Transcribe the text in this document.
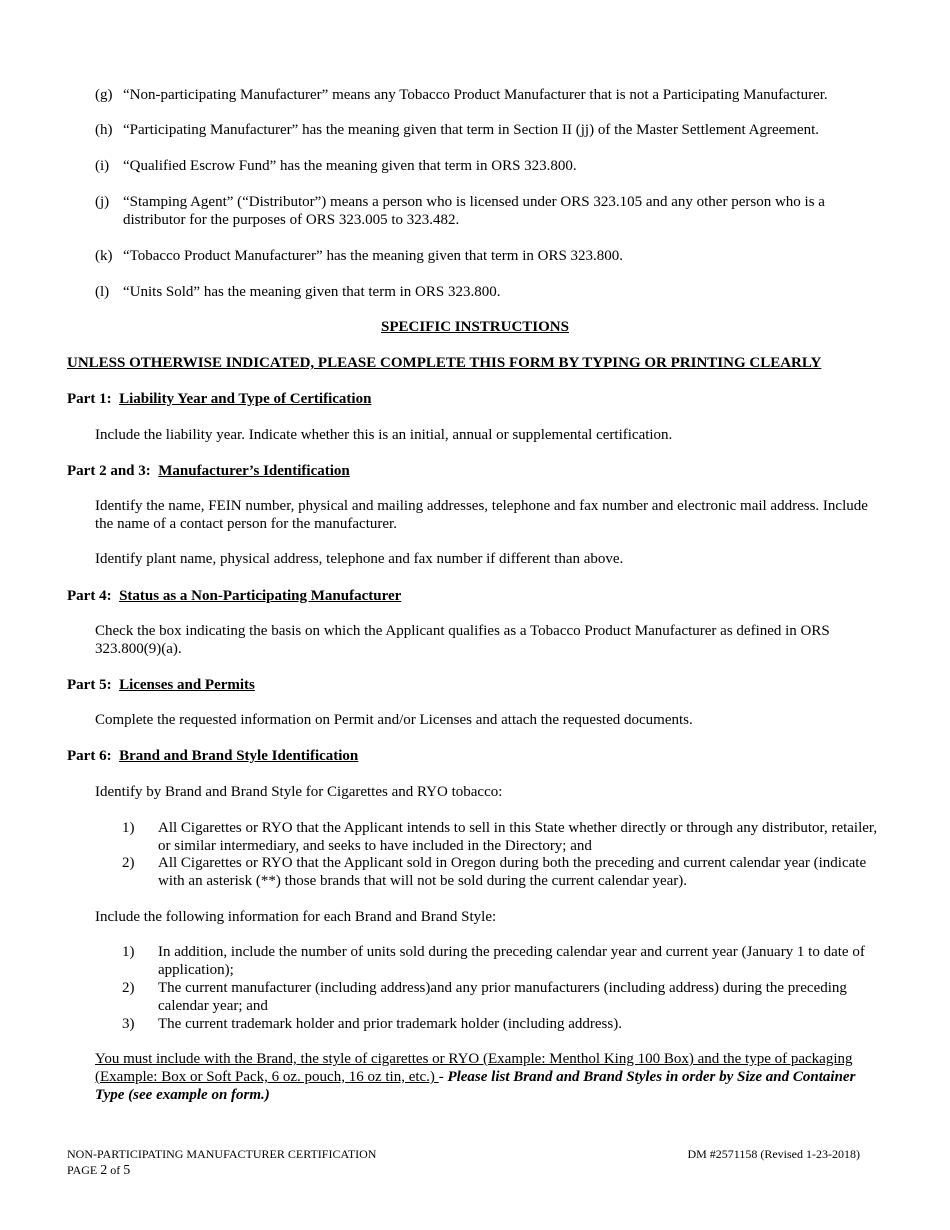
(g) “Non-participating Manufacturer” means any Tobacco Product Manufacturer that is not a Participating Manufacturer.
(h) “Participating Manufacturer” has the meaning given that term in Section II (jj) of the Master Settlement Agreement.
(i) “Qualified Escrow Fund” has the meaning given that term in ORS 323.800.
(j) “Stamping Agent” (“Distributor”) means a person who is licensed under ORS 323.105 and any other person who is a distributor for the purposes of ORS 323.005 to 323.482.
(k) “Tobacco Product Manufacturer” has the meaning given that term in ORS 323.800.
(l) “Units Sold” has the meaning given that term in ORS 323.800.
SPECIFIC INSTRUCTIONS
UNLESS OTHERWISE INDICATED, PLEASE COMPLETE THIS FORM BY TYPING OR PRINTING CLEARLY
Part 1: Liability Year and Type of Certification
Include the liability year. Indicate whether this is an initial, annual or supplemental certification.
Part 2 and 3: Manufacturer’s Identification
Identify the name, FEIN number, physical and mailing addresses, telephone and fax number and electronic mail address. Include the name of a contact person for the manufacturer.
Identify plant name, physical address, telephone and fax number if different than above.
Part 4: Status as a Non-Participating Manufacturer
Check the box indicating the basis on which the Applicant qualifies as a Tobacco Product Manufacturer as defined in ORS 323.800(9)(a).
Part 5: Licenses and Permits
Complete the requested information on Permit and/or Licenses and attach the requested documents.
Part 6: Brand and Brand Style Identification
Identify by Brand and Brand Style for Cigarettes and RYO tobacco:
1) All Cigarettes or RYO that the Applicant intends to sell in this State whether directly or through any distributor, retailer, or similar intermediary, and seeks to have included in the Directory; and
2) All Cigarettes or RYO that the Applicant sold in Oregon during both the preceding and current calendar year (indicate with an asterisk (**) those brands that will not be sold during the current calendar year).
Include the following information for each Brand and Brand Style:
1) In addition, include the number of units sold during the preceding calendar year and current year (January 1 to date of application);
2) The current manufacturer (including address)and any prior manufacturers (including address) during the preceding calendar year; and
3) The current trademark holder and prior trademark holder (including address).
You must include with the Brand, the style of cigarettes or RYO (Example: Menthol King 100 Box) and the type of packaging (Example: Box or Soft Pack, 6 oz. pouch, 16 oz tin, etc.) - Please list Brand and Brand Styles in order by Size and Container Type (see example on form.)
NON-PARTICIPATING MANUFACTURER CERTIFICATION
PAGE 2 of 5
DM #2571158 (Revised 1-23-2018)
